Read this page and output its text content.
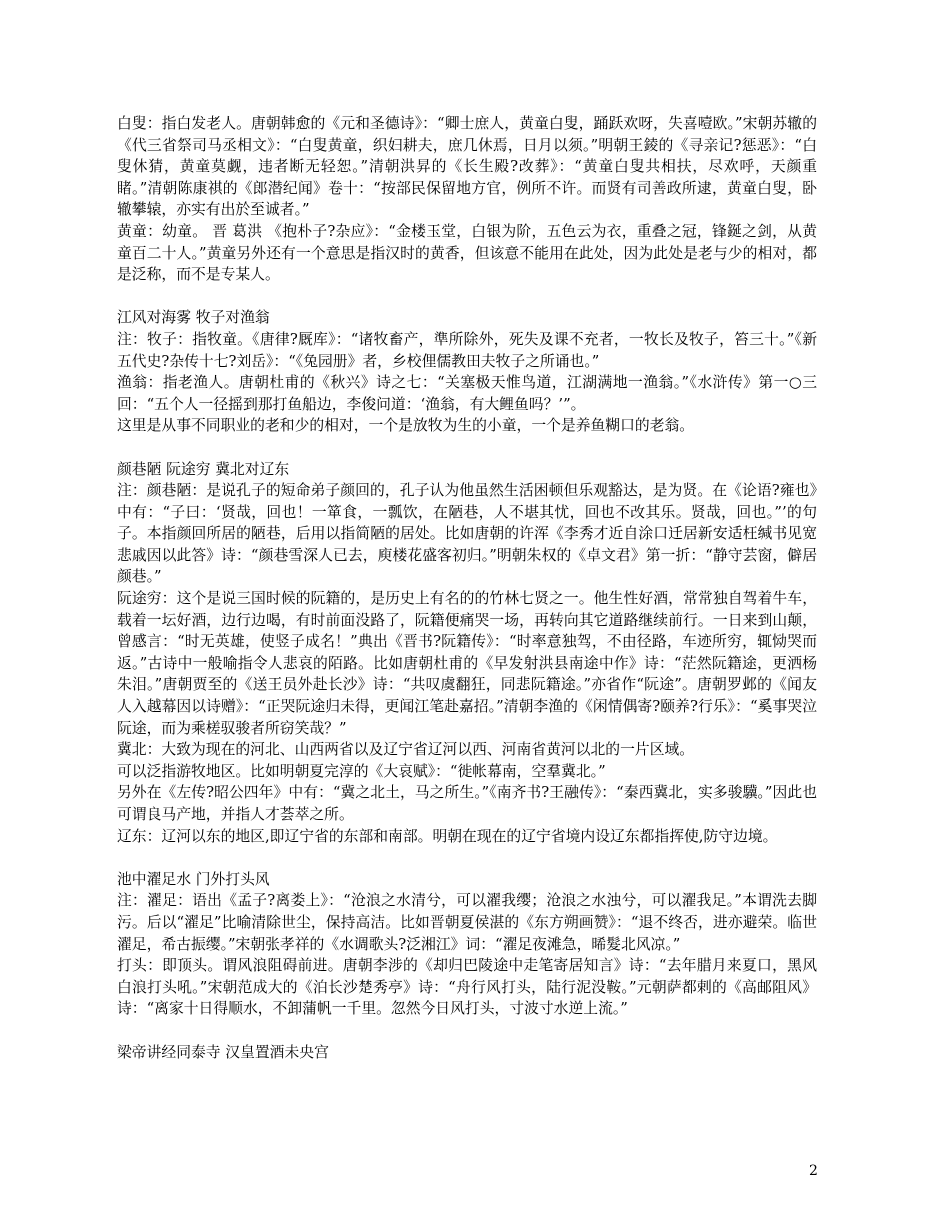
白叟：指白发老人。唐朝韩愈的《元和圣德诗》：“卿士庶人，黄童白叟，踊跃欢呀，失喜噎欧。”宋朝苏辙的《代三省祭司马丞相文》：“白叟黄童，织妇耕夫，庶几休焉，日月以须。”明朝王錂的《寻亲记?惩恶》：“白叟休猜，黄童莫觑，违者断无轻恕。”清朝洪昇的《长生殿?改葬》：“黄童白叟共相扶，尽欢呼，天颜重睹。”清朝陈康祺的《郎潜纪闻》卷十：“按部民保留地方官，例所不许。而贤有司善政所逮，黄童白叟，卧辙攀辕，亦实有出於至诚者。”

黄童：幼童。 晋 葛洪 《抱朴子?杂应》：“金楼玉堂，白银为阶，五色云为衣，重叠之冠，锋鋋之剑，从黄童百二十人。”黄童另外还有一个意思是指汉时的黄香，但该意不能用在此处，因为此处是老与少的相对，都是泛称，而不是专某人。

江风对海雾 牧子对渔翁

注：牧子：指牧童。《唐律?厩库》：“诸牧畜产，準所除外，死失及课不充者，一牧长及牧子，笞三十。”《新五代史?杂传十七?刘岳》：“《兔园册》者，乡校俚儒教田夫牧子之所诵也。”

渔翁：指老渔人。唐朝杜甫的《秋兴》诗之七：“关塞极天惟鸟道，江湖满地一渔翁。”《水浒传》第一○三回：“五个人一径摇到那打鱼船边，李俊问道：‘渔翁，有大鲤鱼吗？’”。

这里是从事不同职业的老和少的相对，一个是放牧为生的小童，一个是养鱼糊口的老翁。

颜巷陋 阮途穷 冀北对辽东

注：颜巷陋：是说孔子的短命弟子颜回的，孔子认为他虽然生活困顿但乐观豁达，是为贤。在《论语?雍也》中有：“子曰：‘贤哉，回也！一箪食，一瓢饮，在陋巷，人不堪其忧，回也不改其乐。贤哉，回也。”’的句子。本指颜回所居的陋巷，后用以指简陋的居处。比如唐朝的许浑《李秀才近自涂口迁居新安适枉缄书见宽悲戚因以此答》诗：“颜巷雪深人已去，庾楼花盛客初归。”明朝朱权的《卓文君》第一折：“静守芸窗，僻居颜巷。”

阮途穷：这个是说三国时候的阮籍的，是历史上有名的的竹林七贤之一。他生性好酒，常常独自驾着牛车，载着一坛好酒，边行边喝，有时前面没路了，阮籍便痛哭一场，再转向其它道路继续前行。一日来到山颠，曾感言：“时无英雄，使竖子成名！”典出《晋书?阮籍传》：“时率意独驾，不由径路，车迹所穷，辄恸哭而返。”古诗中一般喻指令人悲哀的陌路。比如唐朝杜甫的《早发射洪县南途中作》诗：“茫然阮籍途，更洒杨朱泪。”唐朝贾至的《送王员外赴长沙》诗：“共叹虞翻狂，同悲阮籍途。”亦省作“阮途”。唐朝罗邺的《闻友人入越幕因以诗赠》：“正哭阮途归未得，更闻江笔赴嘉招。”清朝李渔的《闲情偶寄?颐养?行乐》：“奚事哭泣阮途，而为乘槎驭骏者所窃笑哉？”

冀北：大致为现在的河北、山西两省以及辽宁省辽河以西、河南省黄河以北的一片区域。

可以泛指游牧地区。比如明朝夏完淳的《大哀赋》：“徙帐幕南，空羣冀北。”

另外在《左传?昭公四年》中有：“冀之北土，马之所生。”《南齐书?王融传》：“秦西冀北，实多骏驥。”因此也可谓良马产地，并指人才荟萃之所。

辽东：辽河以东的地区,即辽宁省的东部和南部。明朝在现在的辽宁省境内设辽东都指挥使,防守边境。

池中濯足水 门外打头风

注：濯足：语出《孟子?离娄上》：“沧浪之水清兮，可以濯我缨；沧浪之水浊兮，可以濯我足。”本谓洗去脚污。后以“濯足”比喻清除世尘，保持高洁。比如晋朝夏侯湛的《东方朔画赞》：“退不终否，进亦避荣。临世濯足，希古振缨。”宋朝张孝祥的《水调歌头?泛湘江》词：“濯足夜滩急，晞髮北风凉。”

打头：即顶头。谓风浪阻碍前进。唐朝李涉的《却归巴陵途中走笔寄居知言》诗：“去年腊月来夏口，黑风白浪打头吼。”宋朝范成大的《泊长沙楚秀亭》诗：“舟行风打头，陆行泥没鞍。”元朝萨都剌的《高邮阻风》诗：“离家十日得顺水，不卸蒲帆一千里。忽然今日风打头，寸波寸水逆上流。”

梁帝讲经同泰寺 汉皇置酒未央宫

2
